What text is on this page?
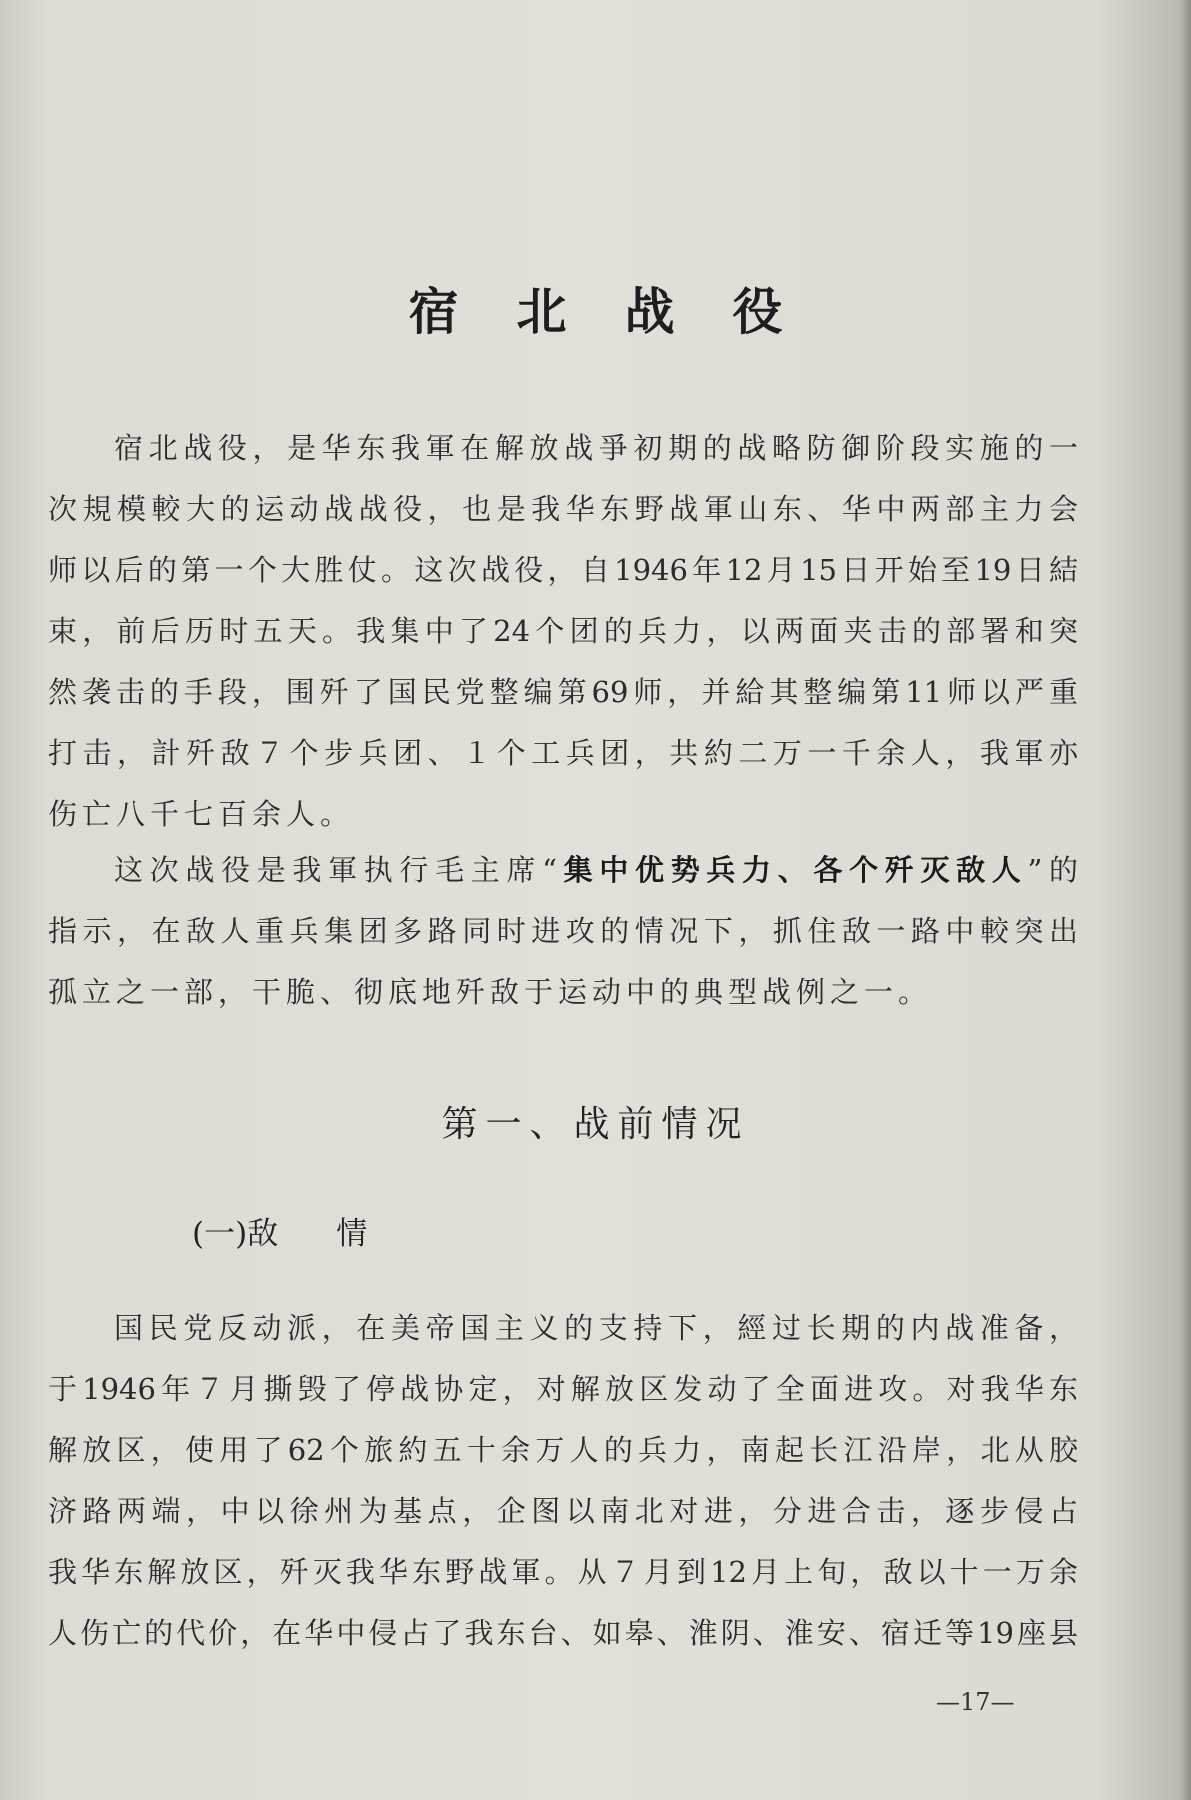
宿北战役
宿北战役，是华东我軍在解放战爭初期的战略防御阶段实施的一
次規模較大的运动战战役，也是我华东野战軍山东、华中两部主力会
师以后的第一个大胜仗。这次战役，自1946年12月15日开始至19日結
束，前后历时五天。我集中了24个团的兵力，以两面夹击的部署和突
然袭击的手段，围歼了国民党整编第69师，并給其整编第11师以严重
打击，計歼敌７个步兵团、１个工兵团，共約二万一千余人，我軍亦
伤亡八千七百余人。
这次战役是我軍执行毛主席“集中优势兵力、各个歼灭敌人”的
指示，在敌人重兵集团多路同时进攻的情况下，抓住敌一路中較突出
孤立之一部，干脆、彻底地歼敌于运动中的典型战例之一。
国民党反动派，在美帝国主义的支持下，經过长期的内战准备，
于1946年７月撕毁了停战协定，对解放区发动了全面进攻。对我华东
解放区，使用了62个旅約五十余万人的兵力，南起长江沿岸，北从胶
济路两端，中以徐州为基点，企图以南北对进，分进合击，逐步侵占
我华东解放区，歼灭我华东野战軍。从７月到12月上旬，敌以十一万余
人伤亡的代价，在华中侵占了我东台、如皋、淮阴、淮安、宿迁等19座县
第一、战前情况
(一)敌 情
—17—
